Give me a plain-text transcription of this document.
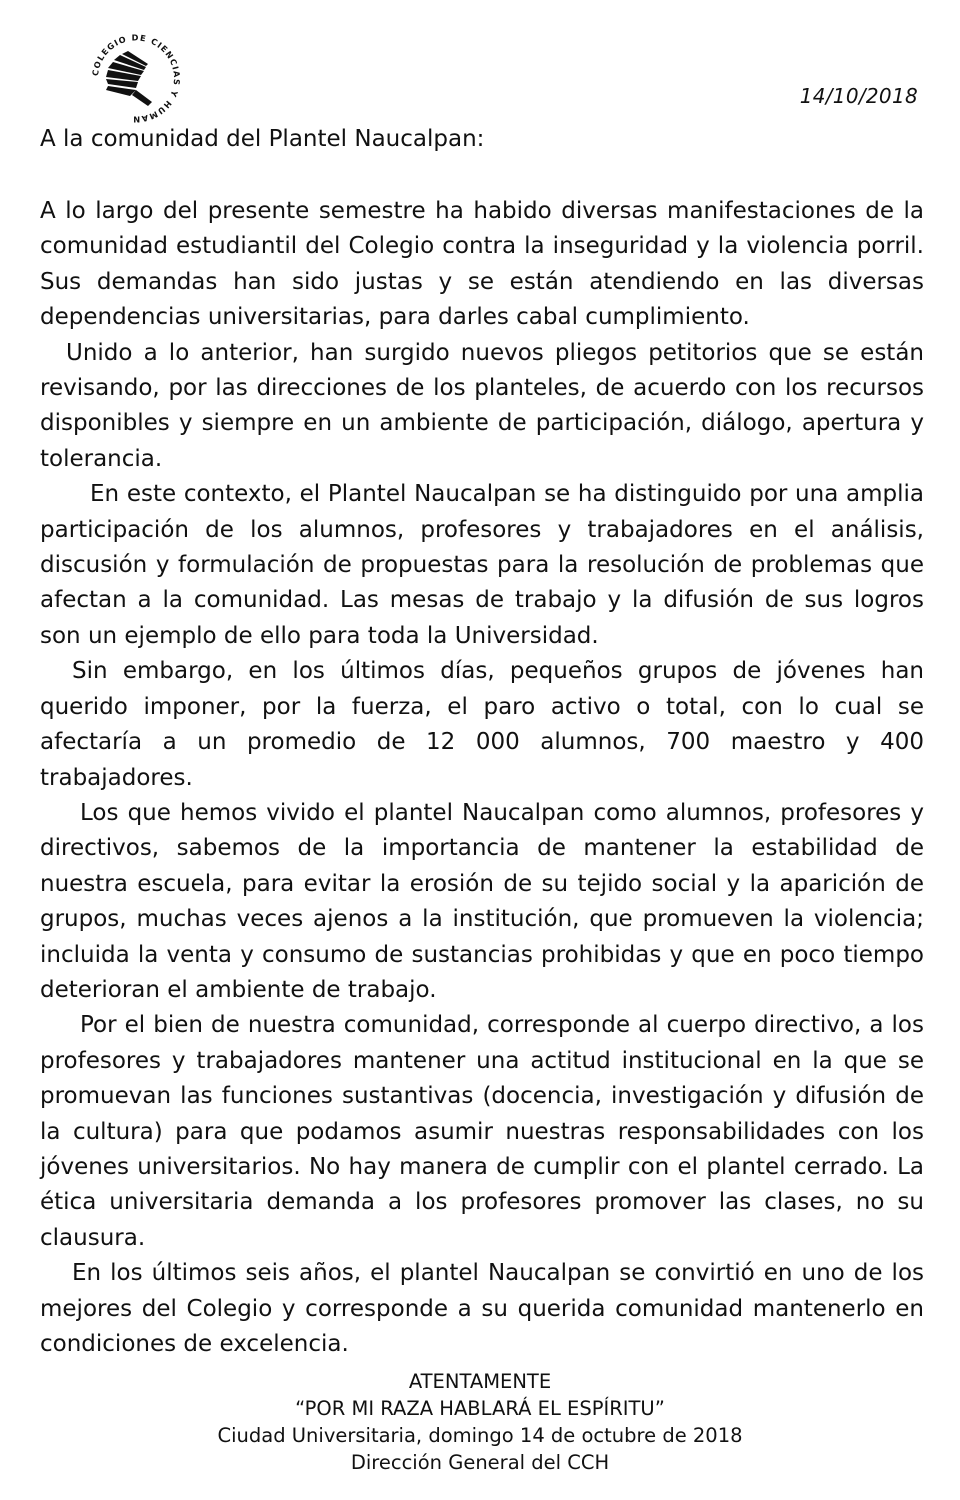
COLEGIO DE CIENCIAS Y HUMAN
14/10/2018
A la comunidad del Plantel Naucalpan:

A lo largo del presente semestre ha habido diversas manifestaciones de la comunidad estudiantil del Colegio contra la inseguridad y la violencia porril. Sus demandas han sido justas y se están atendiendo en las diversas dependencias universitarias, para darles cabal cumplimiento.

Unido a lo anterior, han surgido nuevos pliegos petitorios que se están revisando, por las direcciones de los planteles, de acuerdo con los recursos disponibles y siempre en un ambiente de participación, diálogo, apertura y tolerancia.

En este contexto, el Plantel Naucalpan se ha distinguido por una amplia participación de los alumnos, profesores y trabajadores en el análisis, discusión y formulación de propuestas para la resolución de problemas que afectan a la comunidad. Las mesas de trabajo y la difusión de sus logros son un ejemplo de ello para toda la Universidad.

Sin embargo, en los últimos días, pequeños grupos de jóvenes han querido imponer, por la fuerza, el paro activo o total, con lo cual se afectaría a un promedio de 12 000 alumnos, 700 maestro y 400 trabajadores.

Los que hemos vivido el plantel Naucalpan como alumnos, profesores y directivos, sabemos de la importancia de mantener la estabilidad de nuestra escuela, para evitar la erosión de su tejido social y la aparición de grupos, muchas veces ajenos a la institución, que promueven la violencia; incluida la venta y consumo de sustancias prohibidas y que en poco tiempo deterioran el ambiente de trabajo.

Por el bien de nuestra comunidad, corresponde al cuerpo directivo, a los profesores y trabajadores mantener una actitud institucional en la que se promuevan las funciones sustantivas (docencia, investigación y difusión de la cultura) para que podamos asumir nuestras responsabilidades con los jóvenes universitarios. No hay manera de cumplir con el plantel cerrado. La ética universitaria demanda a los profesores promover las clases, no su clausura.

En los últimos seis años, el plantel Naucalpan se convirtió en uno de los mejores del Colegio y corresponde a su querida comunidad mantenerlo en condiciones de excelencia.

ATENTAMENTE
“POR MI RAZA HABLARÁ EL ESPÍRITU”
Ciudad Universitaria, domingo 14 de octubre de 2018
Dirección General del CCH
